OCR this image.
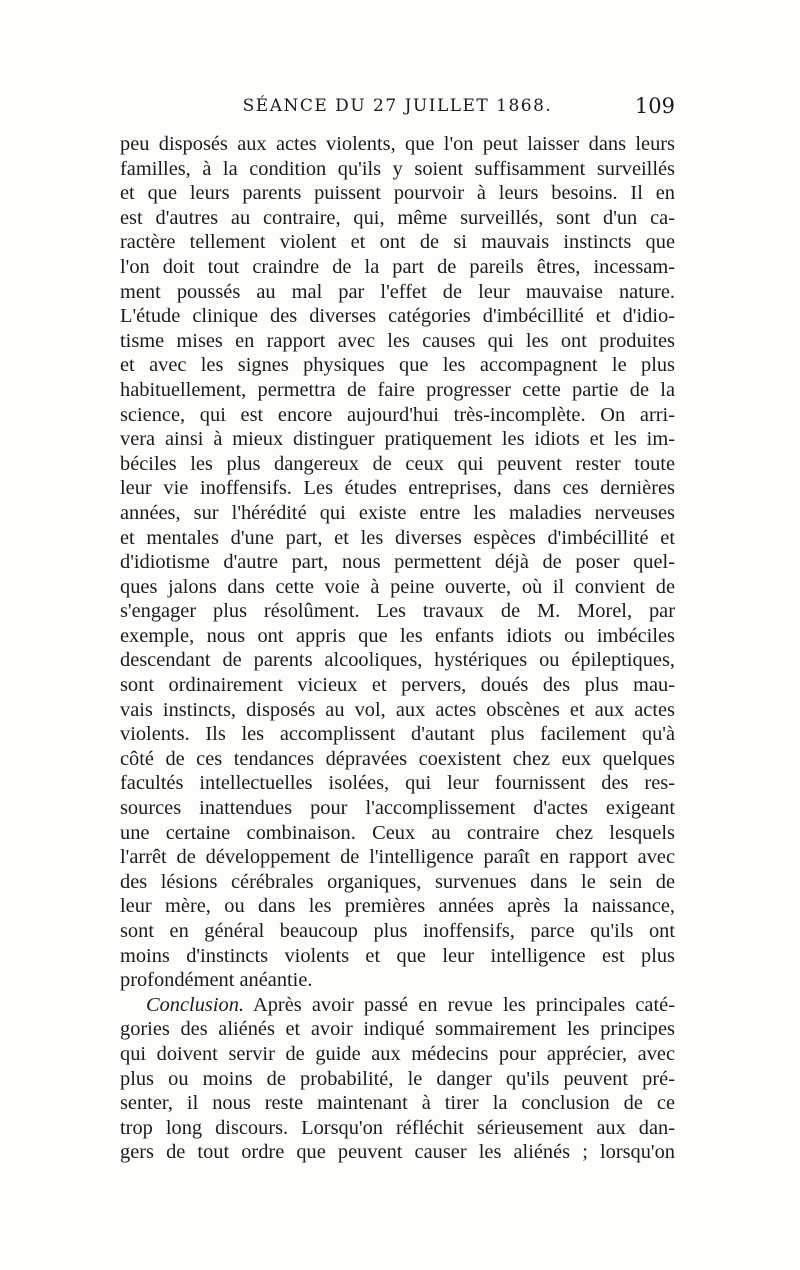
SÉANCE DU 27 JUILLET 1868.	109
peu disposés aux actes violents, que l'on peut laisser dans leurs
familles, à la condition qu'ils y soient suffisamment surveillés
et que leurs parents puissent pourvoir à leurs besoins. Il en
est d'autres au contraire, qui, même surveillés, sont d'un ca-
ractère tellement violent et ont de si mauvais instincts que
l'on doit tout craindre de la part de pareils êtres, incessam-
ment poussés au mal par l'effet de leur mauvaise nature.
L'étude clinique des diverses catégories d'imbécillité et d'idio-
tisme mises en rapport avec les causes qui les ont produites
et avec les signes physiques que les accompagnent le plus
habituellement, permettra de faire progresser cette partie de la
science, qui est encore aujourd'hui très-incomplète. On arri-
vera ainsi à mieux distinguer pratiquement les idiots et les im-
béciles les plus dangereux de ceux qui peuvent rester toute
leur vie inoffensifs. Les études entreprises, dans ces dernières
années, sur l'hérédité qui existe entre les maladies nerveuses
et mentales d'une part, et les diverses espèces d'imbécillité et
d'idiotisme d'autre part, nous permettent déjà de poser quel-
ques jalons dans cette voie à peine ouverte, où il convient de
s'engager plus résolûment. Les travaux de M. Morel, par
exemple, nous ont appris que les enfants idiots ou imbéciles
descendant de parents alcooliques, hystériques ou épileptiques,
sont ordinairement vicieux et pervers, doués des plus mau-
vais instincts, disposés au vol, aux actes obscènes et aux actes
violents. Ils les accomplissent d'autant plus facilement qu'à
côté de ces tendances dépravées coexistent chez eux quelques
facultés intellectuelles isolées, qui leur fournissent des res-
sources inattendues pour l'accomplissement d'actes exigeant
une certaine combinaison. Ceux au contraire chez lesquels
l'arrêt de développement de l'intelligence paraît en rapport avec
des lésions cérébrales organiques, survenues dans le sein de
leur mère, ou dans les premières années après la naissance,
sont en général beaucoup plus inoffensifs, parce qu'ils ont
moins d'instincts violents et que leur intelligence est plus
profondément anéantie.
Conclusion. Après avoir passé en revue les principales caté-
gories des aliénés et avoir indiqué sommairement les principes
qui doivent servir de guide aux médecins pour apprécier, avec
plus ou moins de probabilité, le danger qu'ils peuvent pré-
senter, il nous reste maintenant à tirer la conclusion de ce
trop long discours. Lorsqu'on réfléchit sérieusement aux dan-
gers de tout ordre que peuvent causer les aliénés ; lorsqu'on
